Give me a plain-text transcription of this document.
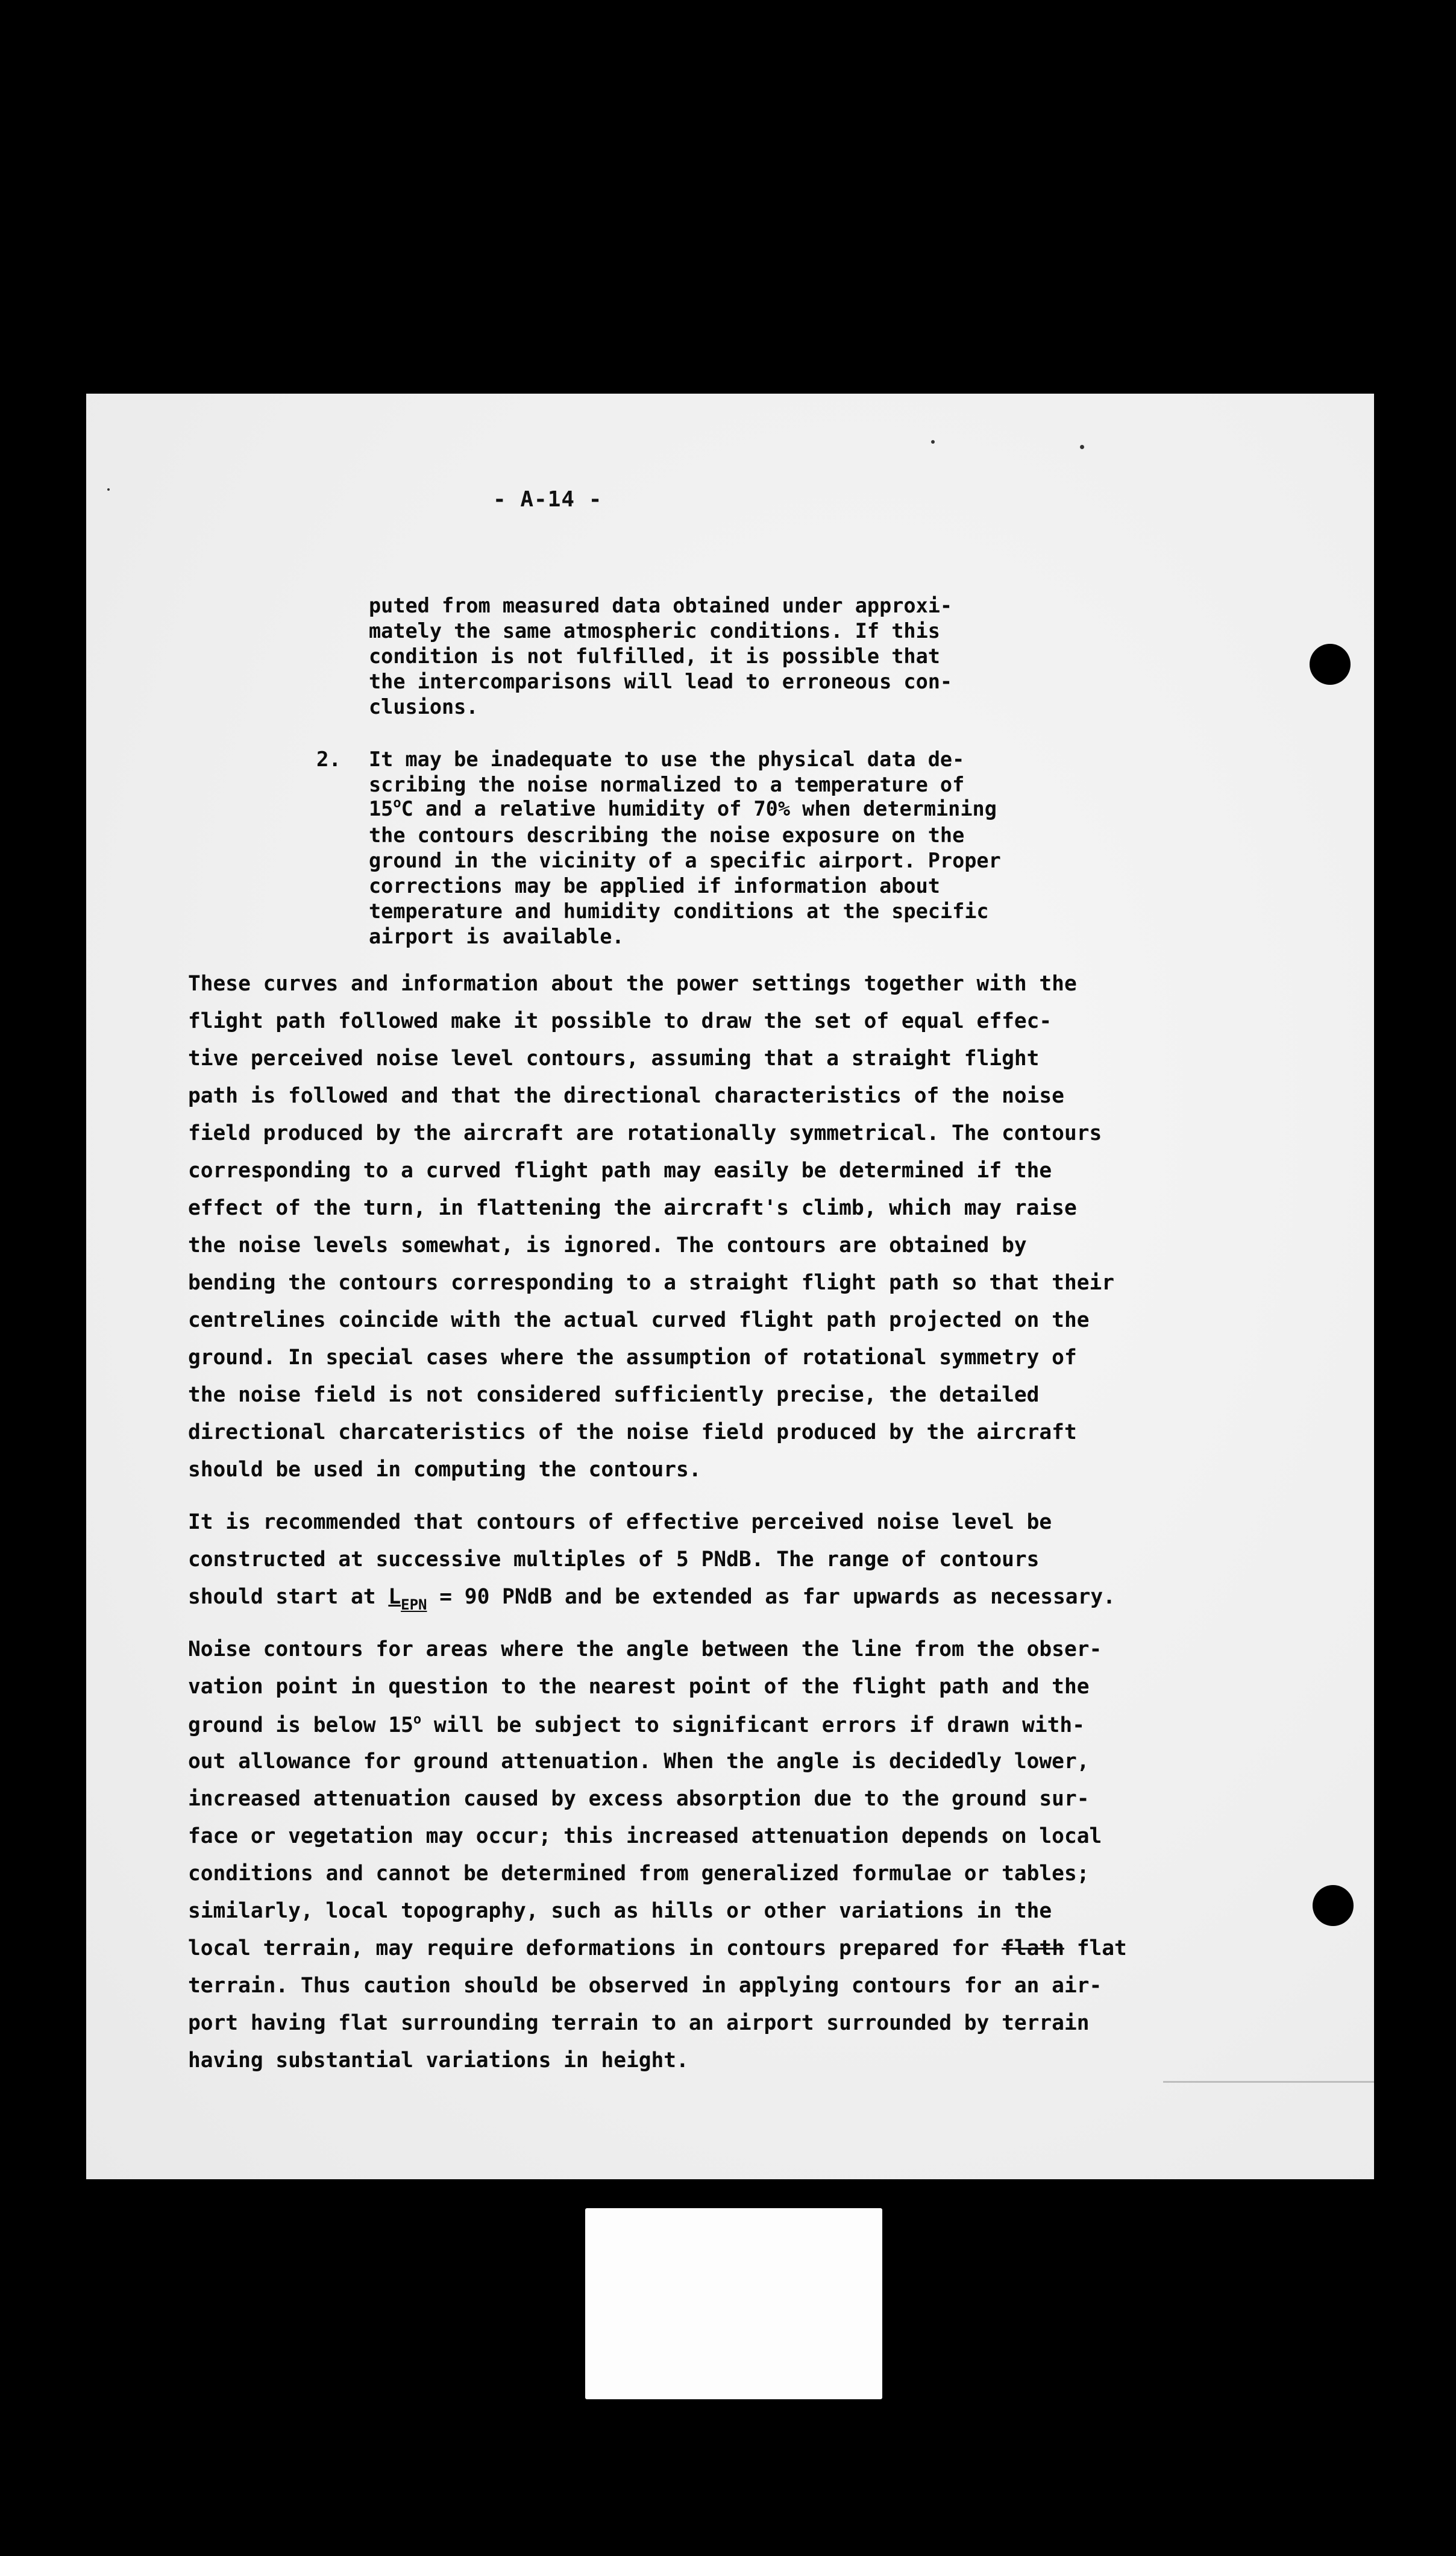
- A-14 -
puted from measured data obtained under approxi-
mately the same atmospheric conditions. If this
condition is not fulfilled, it is possible that
the intercomparisons will lead to erroneous con-
clusions.
2. It may be inadequate to use the physical data de-
scribing the noise normalized to a temperature of
15$^o$C and a relative humidity of 70% when determining
the contours describing the noise exposure on the
ground in the vicinity of a specific airport. Proper
corrections may be applied if information about
temperature and humidity conditions at the specific
airport is available.
These curves and information about the power settings together with the
flight path followed make it possible to draw the set of equal effec-
tive perceived noise level contours, assuming that a straight flight
path is followed and that the directional characteristics of the noise
field produced by the aircraft are rotationally symmetrical. The contours
corresponding to a curved flight path may easily be determined if the
effect of the turn, in flattening the aircraft's climb, which may raise
the noise levels somewhat, is ignored. The contours are obtained by
bending the contours corresponding to a straight flight path so that their
centrelines coincide with the actual curved flight path projected on the
ground. In special cases where the assumption of rotational symmetry of
the noise field is not considered sufficiently precise, the detailed
directional charcateristics of the noise field produced by the aircraft
should be used in computing the contours.
It is recommended that contours of effective perceived noise level be
constructed at successive multiples of 5 PNdB. The range of contours
should start at $L_{EPN} = 90$ PNdB and be extended as far upwards as necessary.
Noise contours for areas where the angle between the line from the obser-
vation point in question to the nearest point of the flight path and the
ground is below 15$^o$ will be subject to significant errors if drawn with-
out allowance for ground attenuation. When the angle is decidedly lower,
increased attenuation caused by excess absorption due to the ground sur-
face or vegetation may occur; this increased attenuation depends on local
conditions and cannot be determined from generalized formulae or tables;
similarly, local topography, such as hills or other variations in the
local terrain, may require deformations in contours prepared for flath flat
terrain. Thus caution should be observed in applying contours for an air-
port having flat surrounding terrain to an airport surrounded by terrain
having substantial variations in height.
